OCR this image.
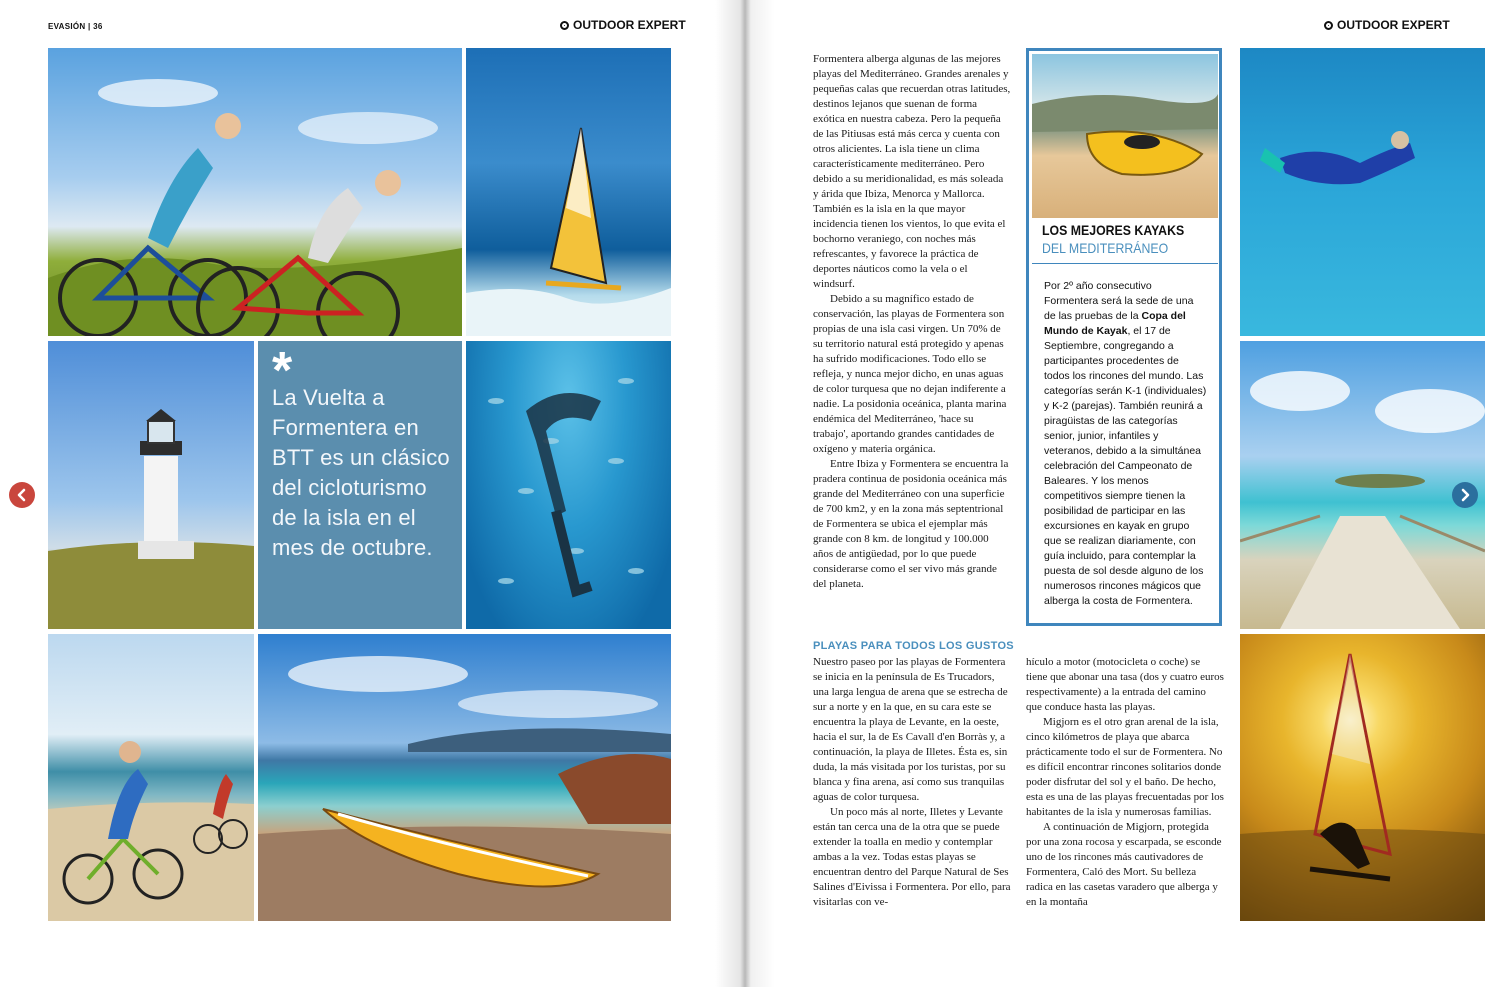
EVASIÓN | 36	OUTDOOR EXPERT
*
La Vuelta a Formentera en BTT es un clásico del cicloturismo de la isla en el mes de octubre.
OUTDOOR EXPERT

Formentera alberga algunas de las mejores playas del Mediterráneo. Grandes arenales y pequeñas calas que recuerdan otras latitudes, destinos lejanos que suenan de forma exótica en nuestra cabeza. Pero la pequeña de las Pitiusas está más cerca y cuenta con otros alicientes. La isla tiene un clima característicamente mediterráneo. Pero debido a su meridionalidad, es más soleada y árida que Ibiza, Menorca y Mallorca. También es la isla en la que mayor incidencia tienen los vientos, lo que evita el bochorno veraniego, con noches más refrescantes, y favorece la práctica de deportes náuticos como la vela o el windsurf.

Debido a su magnífico estado de conservación, las playas de Formentera son propias de una isla casi virgen. Un 70% de su territorio natural está protegido y apenas ha sufrido modificaciones. Todo ello se refleja, y nunca mejor dicho, en unas aguas de color turquesa que no dejan indiferente a nadie. La posidonia oceánica, planta marina endémica del Mediterráneo, 'hace su trabajo', aportando grandes cantidades de oxígeno y materia orgánica.

Entre Ibiza y Formentera se encuentra la pradera continua de posidonia oceánica más grande del Mediterráneo con una superficie de 700 km2, y en la zona más septentrional de Formentera se ubica el ejemplar más grande con 8 km. de longitud y 100.000 años de antigüedad, por lo que puede considerarse como el ser vivo más grande del planeta.

PLAYAS PARA TODOS LOS GUSTOS

Nuestro paseo por las playas de Formentera se inicia en la península de Es Trucadors, una larga lengua de arena que se estrecha de sur a norte y en la que, en su cara este se encuentra la playa de Levante, en la oeste, hacia el sur, la de Es Cavall d'en Borràs y, a continuación, la playa de Illetes. Ésta es, sin duda, la más visitada por los turistas, por su blanca y fina arena, así como sus tranquilas aguas de color turquesa.

Un poco más al norte, Illetes y Levante están tan cerca una de la otra que se puede extender la toalla en medio y contemplar ambas a la vez. Todas estas playas se encuentran dentro del Parque Natural de Ses Salines d'Eivissa i Formentera. Por ello, para visitarlas con ve-

hículo a motor (motocicleta o coche) se tiene que abonar una tasa (dos y cuatro euros respectivamente) a la entrada del camino que conduce hasta las playas.

Migjorn es el otro gran arenal de la isla, cinco kilómetros de playa que abarca prácticamente todo el sur de Formentera. No es difícil encontrar rincones solitarios donde poder disfrutar del sol y el baño. De hecho, esta es una de las playas frecuentadas por los habitantes de la isla y numerosas familias.

A continuación de Migjorn, protegida por una zona rocosa y escarpada, se esconde uno de los rincones más cautivadores de Formentera, Caló des Mort. Su belleza radica en las casetas varadero que alberga y en la montaña

LOS MEJORES KAYAKS
DEL MEDITERRÁNEO
Por 2º año consecutivo Formentera será la sede de una de las pruebas de la Copa del Mundo de Kayak, el 17 de Septiembre, congregando a participantes procedentes de todos los rincones del mundo. Las categorías serán K-1 (individuales) y K-2 (parejas). También reunirá a piragüistas de las categorías senior, junior, infantiles y veteranos, debido a la simultánea celebración del Campeonato de Baleares. Y los menos competitivos siempre tienen la posibilidad de participar en las excursiones en kayak en grupo que se realizan diariamente, con guía incluido, para contemplar la puesta de sol desde alguno de los numerosos rincones mágicos que alberga la costa de Formentera.
